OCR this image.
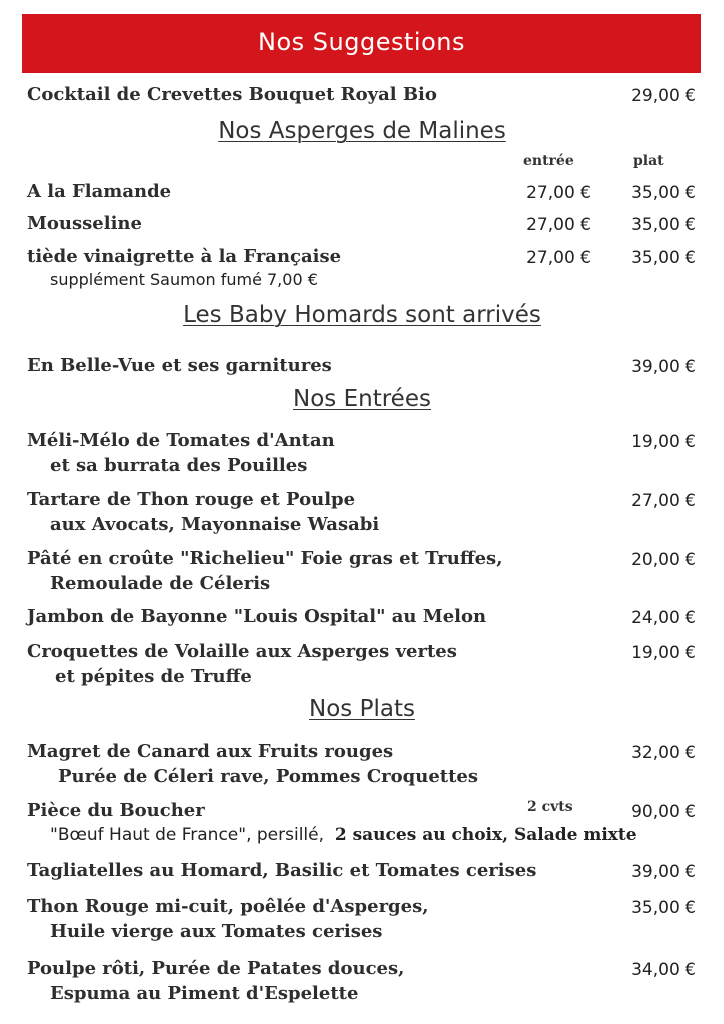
Nos Suggestions
Cocktail de Crevettes Bouquet Royal Bio	29,00 €
Nos Asperges de Malines
entrée	plat
A la Flamande	27,00 € 35,00 €
Mousseline	27,00 € 35,00 €
tiède vinaigrette à la Française	27,00 € 35,00 €
supplément Saumon fumé 7,00 €
Les Baby Homards sont arrivés
En Belle-Vue et ses garnitures	39,00 €
Nos Entrées
Méli-Mélo de Tomates d'Antan
et sa burrata des Pouilles
19,00 €
Tartare de Thon rouge et Poulpe
aux Avocats, Mayonnaise Wasabi
27,00 €
Pâté en croûte "Richelieu" Foie gras et Truffes,
Remoulade de Céleris
20,00 €
Jambon de Bayonne "Louis Ospital" au Melon	24,00 €
Croquettes de Volaille aux Asperges vertes
et pépites de Truffe
19,00 €
Nos Plats
Magret de Canard aux Fruits rouges
Purée de Céleri rave, Pommes Croquettes
32,00 €
Pièce du Boucher	2 cvts	90,00 €
"Bœuf Haut de France", persillé, 2 sauces au choix, Salade mixte
Tagliatelles au Homard, Basilic et Tomates cerises	39,00 €
Thon Rouge mi-cuit, poêlée d'Asperges,
Huile vierge aux Tomates cerises
35,00 €
Poulpe rôti, Purée de Patates douces,
Espuma au Piment d'Espelette
34,00 €
